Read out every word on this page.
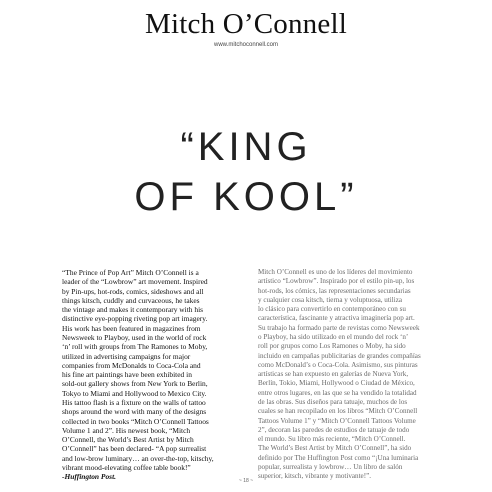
Mitch O’Connell
www.mitchoconnell.com
“KING
OF KOOL”
“The Prince of Pop Art” Mitch O’Connell is a
leader of the “Lowbrow” art movement. Inspired
by Pin-ups, hot-rods, comics, sideshows and all
things kitsch, cuddly and curvaceous, he takes
the vintage and makes it contemporary with his
distinctive eye-popping riveting pop art imagery.
His work has been featured in magazines from
Newsweek to Playboy, used in the world of rock
‘n’ roll with groups from The Ramones to Moby,
utilized in advertising campaigns for major
companies from McDonalds to Coca-Cola and
his fine art paintings have been exhibited in
sold-out gallery shows from New York to Berlin,
Tokyo to Miami and Hollywood to Mexico City.
His tattoo flash is a fixture on the walls of tattoo
shops around the word with many of the designs
collected in two books “Mitch O’Connell Tattoos
Volume 1 and 2”. His newest book, “Mitch
O’Connell, the World’s Best Artist by Mitch
O’Connell” has been declared- “A pop surrealist
and low-brow luminary… an over-the-top, kitschy,
vibrant mood-elevating coffee table book!”
-Huffington Post.
Mitch O’Connell es uno de los líderes del movimiento
artístico “Lowbrow”. Inspirado por el estilo pin-up, los
hot-rods, los cómics, las representaciones secundarias
y cualquier cosa kitsch, tierna y voluptuosa, utiliza
lo clásico para convertirlo en contemporáneo con su
característica, fascinante y atractiva imaginería pop art.
Su trabajo ha formado parte de revistas como Newsweek
o Playboy, ha sido utilizado en el mundo del rock ‘n’
roll por grupos como Los Ramones o Moby, ha sido
incluido en campañas publicitarias de grandes compañías
como McDonald’s o Coca-Cola. Asimismo, sus pinturas
artísticas se han expuesto en galerías de Nueva York,
Berlín, Tokio, Miami, Hollywood o Ciudad de México,
entre otros lugares, en las que se ha vendido la totalidad
de las obras. Sus diseños para tatuaje, muchos de los
cuales se han recopilado en los libros “Mitch O’Connell
Tattoos Volume 1” y “Mitch O’Connell Tattoos Volume
2”, decoran las paredes de estudios de tatuaje de todo
el mundo. Su libro más reciente, “Mitch O’Connell.
The World’s Best Artist by Mitch O’Connell”, ha sido
definido por The Huffington Post como “¡Una luminaria
popular, surrealista y lowbrow… Un libro de salón
superior, kitsch, vibrante y motivante!”.
~ 18 ~
